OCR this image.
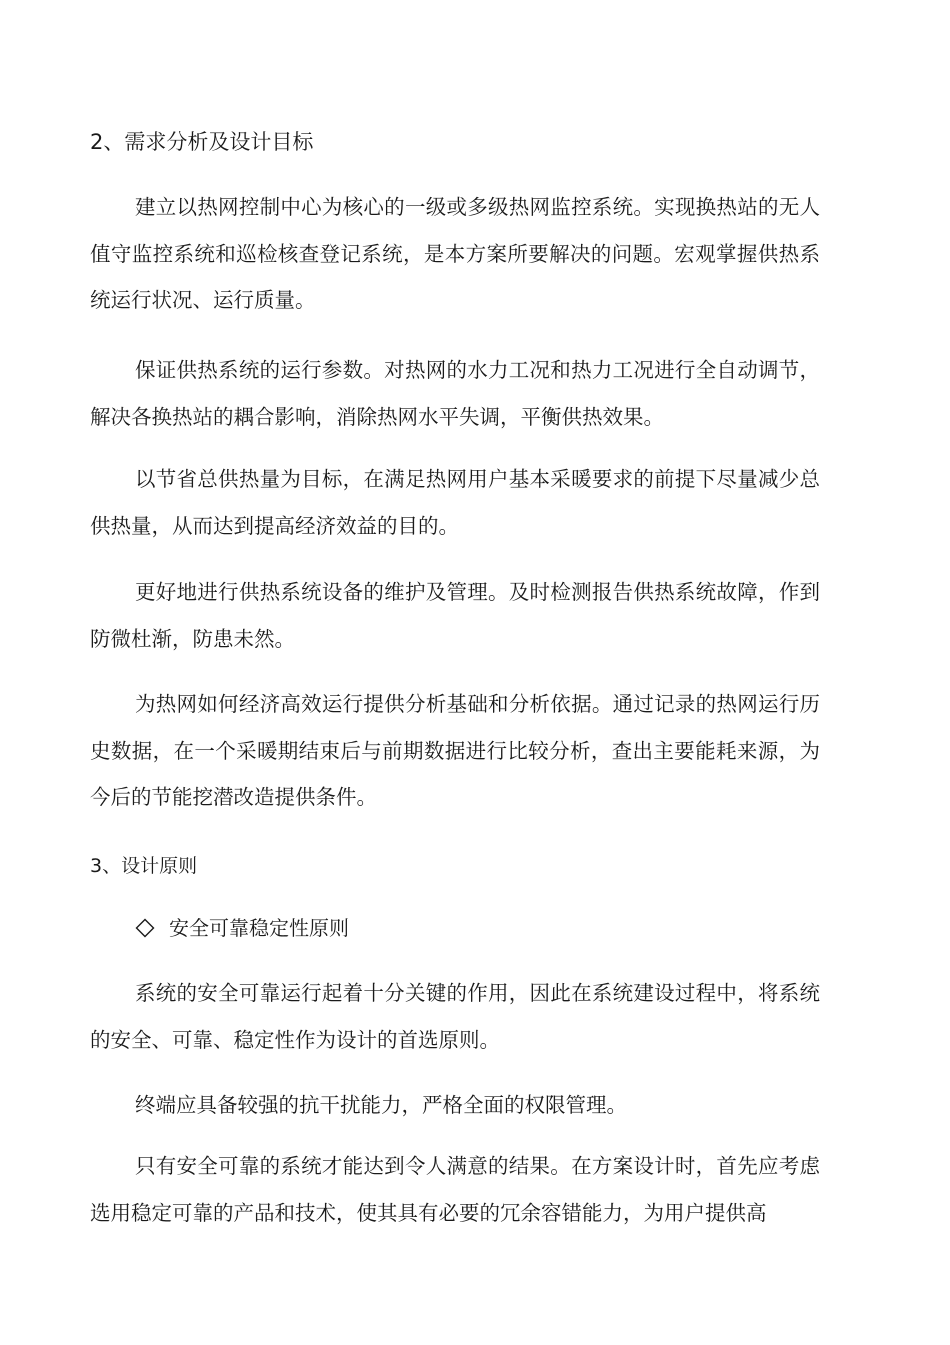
2、需求分析及设计目标

建立以热网控制中心为核心的一级或多级热网监控系统。实现换热站的无人值守监控系统和巡检核查登记系统，是本方案所要解决的问题。宏观掌握供热系统运行状况、运行质量。

保证供热系统的运行参数。对热网的水力工况和热力工况进行全自动调节，解决各换热站的耦合影响，消除热网水平失调，平衡供热效果。

以节省总供热量为目标，在满足热网用户基本采暖要求的前提下尽量减少总供热量，从而达到提高经济效益的目的。

更好地进行供热系统设备的维护及管理。及时检测报告供热系统故障，作到防微杜渐，防患未然。

为热网如何经济高效运行提供分析基础和分析依据。通过记录的热网运行历史数据，在一个采暖期结束后与前期数据进行比较分析，查出主要能耗来源，为今后的节能挖潜改造提供条件。

3、设计原则
安全可靠稳定性原则

系统的安全可靠运行起着十分关键的作用，因此在系统建设过程中，将系统的安全、可靠、稳定性作为设计的首选原则。

终端应具备较强的抗干扰能力，严格全面的权限管理。

只有安全可靠的系统才能达到令人满意的结果。在方案设计时，首先应考虑选用稳定可靠的产品和技术，使其具有必要的冗余容错能力，为用户提供高
